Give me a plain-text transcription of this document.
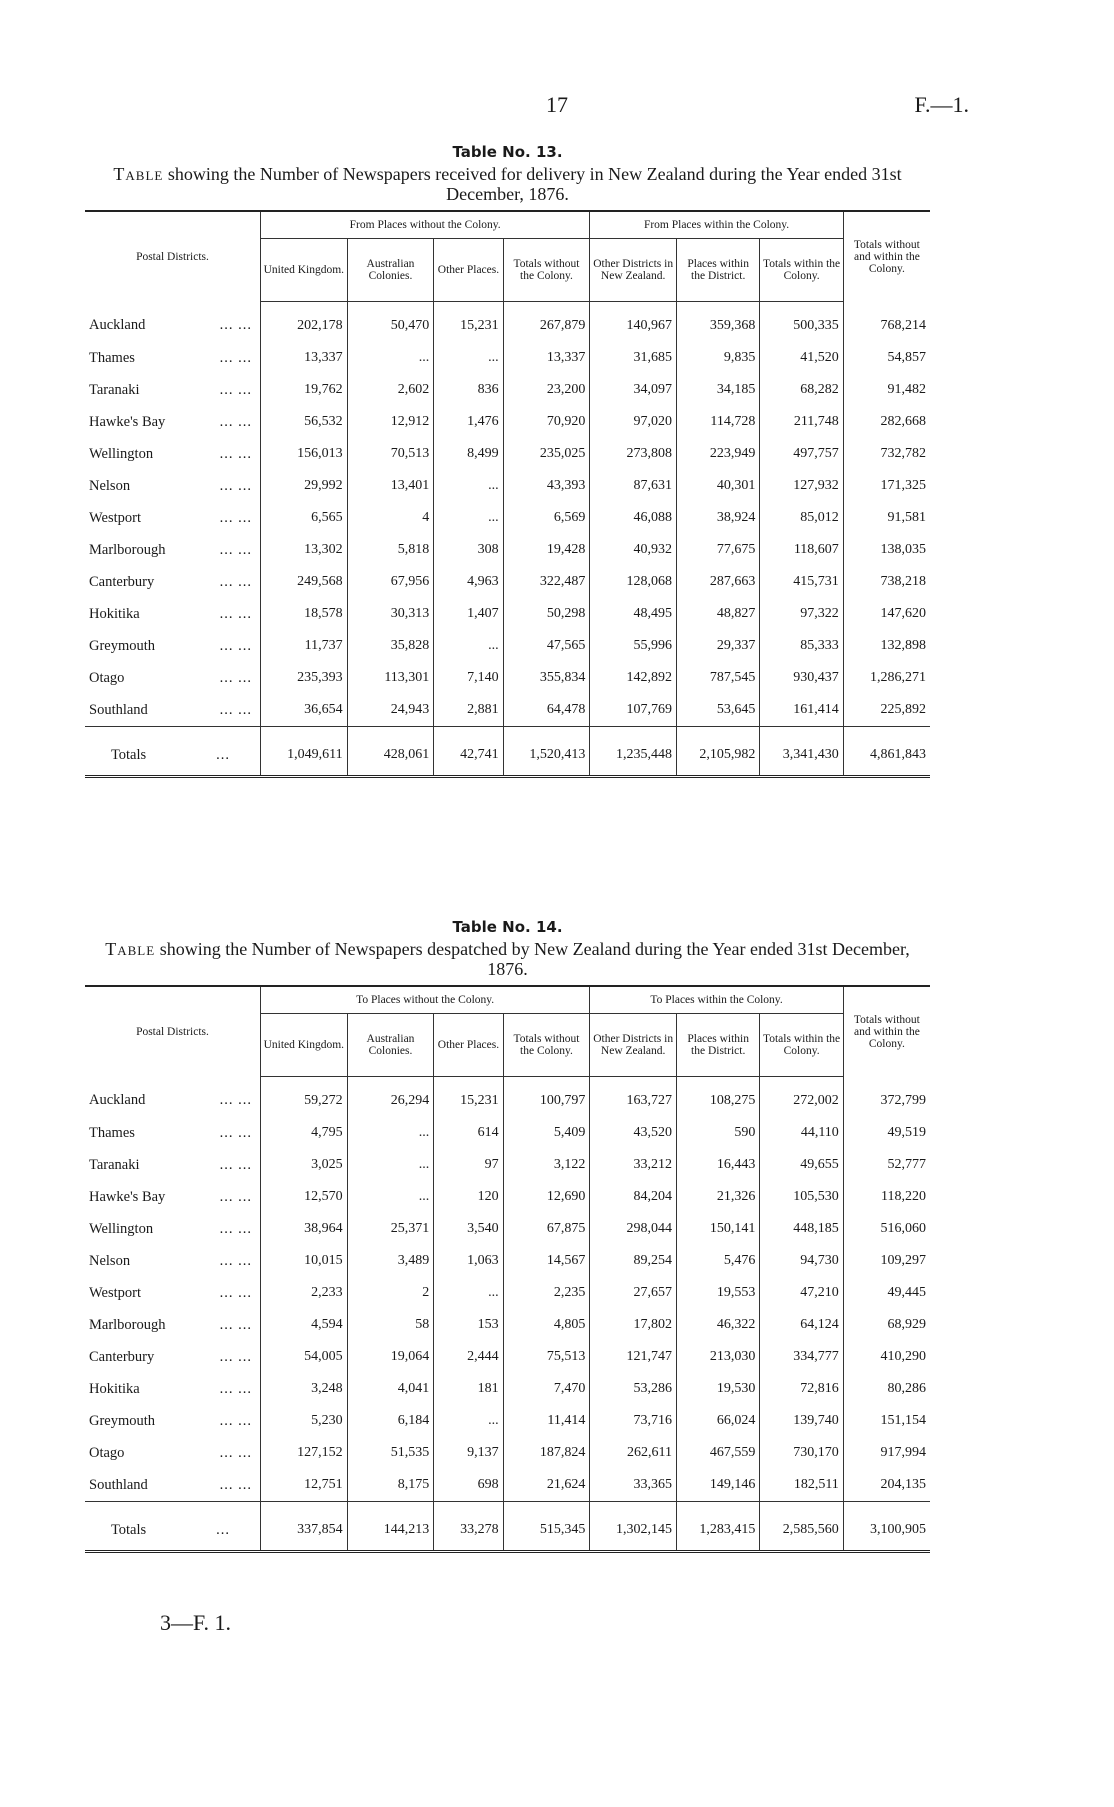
17	F.—1.
Table No. 13.
Table showing the Number of Newspapers received for delivery in New Zealand during the Year ended 31st December, 1876.
Postal Districts.	From Places without the Colony.				From Places within the Colony.			Totals without and within the Colony.
	United Kingdom.	Australian Colonies.	Other Places.	Totals without the Colony.	Other Districts in New Zealand.	Places within the District.	Totals within the Colony.	

... ...
Auckland	202,178	50,470	15,231	267,879	140,967	359,368	500,335	768,214

... ...
Thames	13,337	...	...	13,337	31,685	9,835	41,520	54,857

... ...
Taranaki	19,762	2,602	836	23,200	34,097	34,185	68,282	91,482

... ...
Hawke's Bay	56,532	12,912	1,476	70,920	97,020	114,728	211,748	282,668

... ...
Wellington	156,013	70,513	8,499	235,025	273,808	223,949	497,757	732,782

... ...
Nelson	29,992	13,401	...	43,393	87,631	40,301	127,932	171,325

... ...
Westport	6,565	4	...	6,569	46,088	38,924	85,012	91,581

... ...
Marlborough	13,302	5,818	308	19,428	40,932	77,675	118,607	138,035

... ...
Canterbury	249,568	67,956	4,963	322,487	128,068	287,663	415,731	738,218

... ...
Hokitika	18,578	30,313	1,407	50,298	48,495	48,827	97,322	147,620

... ...
Greymouth	11,737	35,828	...	47,565	55,996	29,337	85,333	132,898

... ...
Otago	235,393	113,301	7,140	355,834	142,892	787,545	930,437	1,286,271

... ...
Southland	36,654	24,943	2,881	64,478	107,769	53,645	161,414	225,892
Totals ...	1,049,611	428,061	42,741	1,520,413	1,235,448	2,105,982	3,341,430	4,861,843
Table No. 14.
Table showing the Number of Newspapers despatched by New Zealand during the Year ended 31st December, 1876.
Postal Districts.	To Places without the Colony.				To Places within the Colony.			Totals without and within the Colony.
	United Kingdom.	Australian Colonies.	Other Places.	Totals without the Colony.	Other Districts in New Zealand.	Places within the District.	Totals within the Colony.	

... ...
Auckland	59,272	26,294	15,231	100,797	163,727	108,275	272,002	372,799

... ...
Thames	4,795	...	614	5,409	43,520	590	44,110	49,519

... ...
Taranaki	3,025	...	97	3,122	33,212	16,443	49,655	52,777

... ...
Hawke's Bay	12,570	...	120	12,690	84,204	21,326	105,530	118,220

... ...
Wellington	38,964	25,371	3,540	67,875	298,044	150,141	448,185	516,060

... ...
Nelson	10,015	3,489	1,063	14,567	89,254	5,476	94,730	109,297

... ...
Westport	2,233	2	...	2,235	27,657	19,553	47,210	49,445

... ...
Marlborough	4,594	58	153	4,805	17,802	46,322	64,124	68,929

... ...
Canterbury	54,005	19,064	2,444	75,513	121,747	213,030	334,777	410,290

... ...
Hokitika	3,248	4,041	181	7,470	53,286	19,530	72,816	80,286

... ...
Greymouth	5,230	6,184	...	11,414	73,716	66,024	139,740	151,154

... ...
Otago	127,152	51,535	9,137	187,824	262,611	467,559	730,170	917,994

... ...
Southland	12,751	8,175	698	21,624	33,365	149,146	182,511	204,135
Totals ...	337,854	144,213	33,278	515,345	1,302,145	1,283,415	2,585,560	3,100,905
3—F. 1.
